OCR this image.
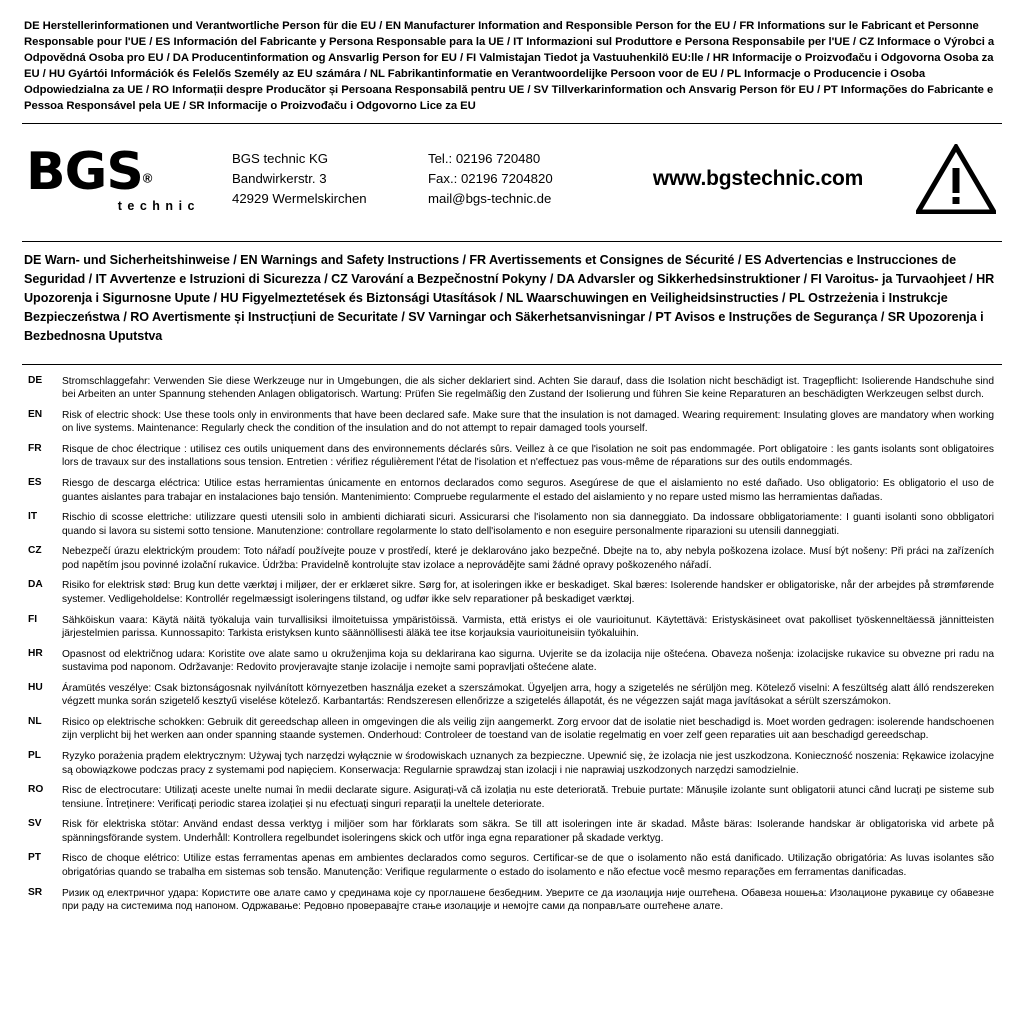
DE Herstellerinformationen und Verantwortliche Person für die EU / EN Manufacturer Information and Responsible Person for the EU / FR Informations sur le Fabricant et Personne Responsable pour l'UE / ES Información del Fabricante y Persona Responsable para la UE / IT Informazioni sul Produttore e Persona Responsabile per l'UE / CZ Informace o Výrobci a Odpovědná Osoba pro EU / DA Producentinformation og Ansvarlig Person for EU / FI Valmistajan Tiedot ja Vastuuhenkilö EU:lle / HR Informacije o Proizvođaču i Odgovorna Osoba za EU / HU Gyártói Információk és Felelős Személy az EU számára / NL Fabrikantinformatie en Verantwoordelijke Persoon voor de EU / PL Informacje o Producencie i Osoba Odpowiedzialna za UE / RO Informații despre Producător și Persoana Responsabilă pentru UE / SV Tillverkarinformation och Ansvarig Person för EU / PT Informações do Fabricante e Pessoa Responsável pela UE / SR Informacije o Proizvođaču i Odgovorno Lice za EU
BGS®
technic
BGS technic KG
Bandwirkerstr. 3
42929 Wermelskirchen
Tel.: 02196 720480
Fax.: 02196 7204820
mail@bgs-technic.de
www.bgstechnic.com
DE Warn- und Sicherheitshinweise / EN Warnings and Safety Instructions / FR Avertissements et Consignes de Sécurité / ES Advertencias e Instrucciones de Seguridad / IT Avvertenze e Istruzioni di Sicurezza / CZ Varování a Bezpečnostní Pokyny / DA Advarsler og Sikkerhedsinstruktioner / FI Varoitus- ja Turvaohjeet / HR Upozorenja i Sigurnosne Upute / HU Figyelmeztetések és Biztonsági Utasítások / NL Waarschuwingen en Veiligheidsinstructies / PL Ostrzeżenia i Instrukcje Bezpieczeństwa / RO Avertismente și Instrucțiuni de Securitate / SV Varningar och Säkerhetsanvisningar / PT Avisos e Instruções de Segurança / SR Upozorenja i Bezbednosna Uputstva
DE	Stromschlaggefahr: Verwenden Sie diese Werkzeuge nur in Umgebungen, die als sicher deklariert sind. Achten Sie darauf, dass die Isolation nicht beschädigt ist. Tragepflicht: Isolierende Handschuhe sind bei Arbeiten an unter Spannung stehenden Anlagen obligatorisch. Wartung: Prüfen Sie regelmäßig den Zustand der Isolierung und führen Sie keine Reparaturen an beschädigten Werkzeugen selbst durch.
EN	Risk of electric shock: Use these tools only in environments that have been declared safe. Make sure that the insulation is not damaged. Wearing requirement: Insulating gloves are mandatory when working on live systems. Maintenance: Regularly check the condition of the insulation and do not attempt to repair damaged tools yourself.
FR	Risque de choc électrique : utilisez ces outils uniquement dans des environnements déclarés sûrs. Veillez à ce que l'isolation ne soit pas endommagée. Port obligatoire : les gants isolants sont obligatoires lors de travaux sur des installations sous tension. Entretien : vérifiez régulièrement l'état de l'isolation et n'effectuez pas vous-même de réparations sur des outils endommagés.
ES	Riesgo de descarga eléctrica: Utilice estas herramientas únicamente en entornos declarados como seguros. Asegúrese de que el aislamiento no esté dañado. Uso obligatorio: Es obligatorio el uso de guantes aislantes para trabajar en instalaciones bajo tensión. Mantenimiento: Compruebe regularmente el estado del aislamiento y no repare usted mismo las herramientas dañadas.
IT	Rischio di scosse elettriche: utilizzare questi utensili solo in ambienti dichiarati sicuri. Assicurarsi che l'isolamento non sia danneggiato. Da indossare obbligatoriamente: I guanti isolanti sono obbligatori quando si lavora su sistemi sotto tensione. Manutenzione: controllare regolarmente lo stato dell'isolamento e non eseguire personalmente riparazioni su utensili danneggiati.
CZ	Nebezpečí úrazu elektrickým proudem: Toto nářadí používejte pouze v prostředí, které je deklarováno jako bezpečné. Dbejte na to, aby nebyla poškozena izolace. Musí být nošeny: Při práci na zařízeních pod napětím jsou povinné izolační rukavice. Údržba: Pravidelně kontrolujte stav izolace a neprovádějte sami žádné opravy poškozeného nářadí.
DA	Risiko for elektrisk stød: Brug kun dette værktøj i miljøer, der er erklæret sikre. Sørg for, at isoleringen ikke er beskadiget. Skal bæres: Isolerende handsker er obligatoriske, når der arbejdes på strømførende systemer. Vedligeholdelse: Kontrollér regelmæssigt isoleringens tilstand, og udfør ikke selv reparationer på beskadiget værktøj.
FI	Sähköiskun vaara: Käytä näitä työkaluja vain turvallisiksi ilmoitetuissa ympäristöissä. Varmista, että eristys ei ole vaurioitunut. Käytettävä: Eristyskäsineet ovat pakolliset työskenneltäessä jännitteisten järjestelmien parissa. Kunnossapito: Tarkista eristyksen kunto säännöllisesti äläkä tee itse korjauksia vaurioituneisiin työkaluihin.
HR	Opasnost od električnog udara: Koristite ove alate samo u okruženjima koja su deklarirana kao sigurna. Uvjerite se da izolacija nije oštećena. Obaveza nošenja: izolacijske rukavice su obvezne pri radu na sustavima pod naponom. Održavanje: Redovito provjeravajte stanje izolacije i nemojte sami popravljati oštećene alate.
HU	Áramütés veszélye: Csak biztonságosnak nyilvánított környezetben használja ezeket a szerszámokat. Ügyeljen arra, hogy a szigetelés ne sérüljön meg. Kötelező viselni: A feszültség alatt álló rendszereken végzett munka során szigetelő kesztyű viselése kötelező. Karbantartás: Rendszeresen ellenőrizze a szigetelés állapotát, és ne végezzen saját maga javításokat a sérült szerszámokon.
NL	Risico op elektrische schokken: Gebruik dit gereedschap alleen in omgevingen die als veilig zijn aangemerkt. Zorg ervoor dat de isolatie niet beschadigd is. Moet worden gedragen: isolerende handschoenen zijn verplicht bij het werken aan onder spanning staande systemen. Onderhoud: Controleer de toestand van de isolatie regelmatig en voer zelf geen reparaties uit aan beschadigd gereedschap.
PL	Ryzyko porażenia prądem elektrycznym: Używaj tych narzędzi wyłącznie w środowiskach uznanych za bezpieczne. Upewnić się, że izolacja nie jest uszkodzona. Konieczność noszenia: Rękawice izolacyjne są obowiązkowe podczas pracy z systemami pod napięciem. Konserwacja: Regularnie sprawdzaj stan izolacji i nie naprawiaj uszkodzonych narzędzi samodzielnie.
RO	Risc de electrocutare: Utilizați aceste unelte numai în medii declarate sigure. Asigurați-vă că izolația nu este deteriorată. Trebuie purtate: Mănușile izolante sunt obligatorii atunci când lucrați pe sisteme sub tensiune. Întreținere: Verificați periodic starea izolației și nu efectuați singuri reparații la uneltele deteriorate.
SV	Risk för elektriska stötar: Använd endast dessa verktyg i miljöer som har förklarats som säkra. Se till att isoleringen inte är skadad. Måste bäras: Isolerande handskar är obligatoriska vid arbete på spänningsförande system. Underhåll: Kontrollera regelbundet isoleringens skick och utför inga egna reparationer på skadade verktyg.
PT	Risco de choque elétrico: Utilize estas ferramentas apenas em ambientes declarados como seguros. Certificar-se de que o isolamento não está danificado. Utilização obrigatória: As luvas isolantes são obrigatórias quando se trabalha em sistemas sob tensão. Manutenção: Verifique regularmente o estado do isolamento e não efectue você mesmo reparações em ferramentas danificadas.
SR	Ризик од електричног удара: Користите ове алате само у срединама које су проглашене безбедним. Уверите се да изолација није оштећена. Обавеза ношења: Изолационе рукавице су обавезне при раду на системима под напоном. Одржавање: Редовно проверавајте стање изолације и немојте сами да поправљате оштећене алате.
